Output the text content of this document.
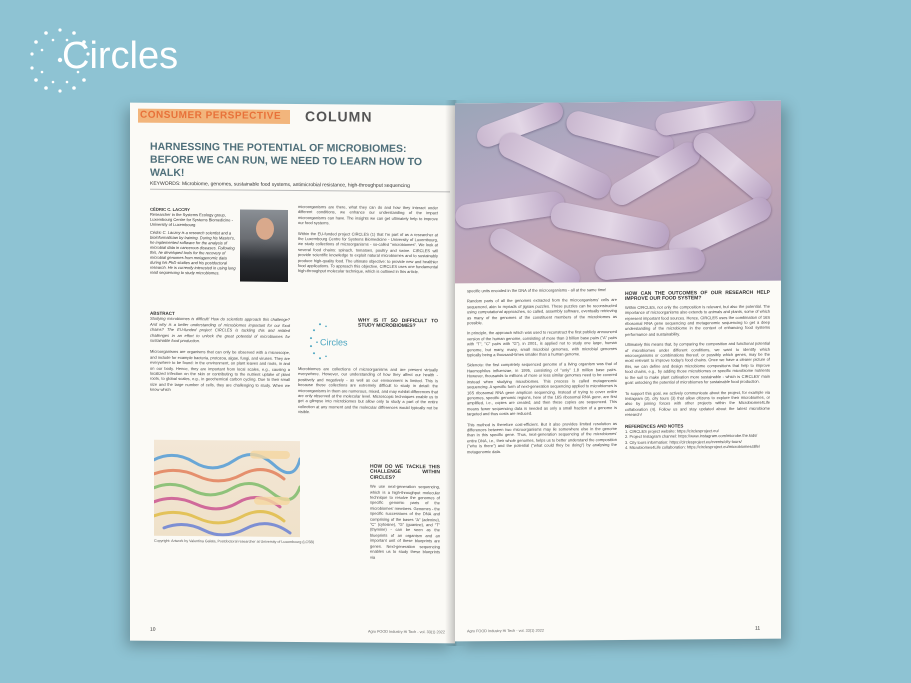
Circles
CONSUMER PERSPECTIVE COLUMN
HARNESSING THE POTENTIAL OF MICROBIOMES:
BEFORE WE CAN RUN, WE NEED TO LEARN HOW TO WALK!
KEYWORDS: Microbiome, genomes, sustainable food systems, antimicrobial resistance, high-throughput sequencing
CÉDRIC C. LACCRY
Researcher in the Systems Ecology group, Luxembourg Centre for Systems Biomedicine - University of Luxembourg
Cédric C. Laczny is a research scientist and a bioinformatician by training. During his Master's, he implemented software for the analysis of microbial data in cancerous diseases. Following this, he developed tools for the recovery of microbial genomes from metagenomic data during his PhD studies and his postdoctoral research. He is currently interested in using long read sequencing to study microbiomes.
ABSTRACT
Studying microbiomes is difficult! How do scientists approach this challenge? And why is a better understanding of microbiomes important for our food chains? The EU-funded project CIRCLES is tackling this and related challenges in an effort to unlock the great potential of microbiomes for sustainable food production.
Microorganisms are organisms that can only be observed with a microscope, and include for example bacteria, protozoa, algae, fungi, and viruses. They are everywhere to be found: in the environment, on plant leaves and roots, in and on our body. Hence, they are important from local scales, e.g., causing a localized infection on the skin or contributing to the nutrient uptake of plant roots, to global scales, e.g., in geochemical carbon cycling. Due to their small size and the large number of cells, they are challenging to study. When we know which
microorganisms are there, what they can do and how they interact under different conditions, we enhance our understanding of the impact microorganisms can have. The insights we can get ultimately help to improve our food systems.
Within the EU-funded project CIRCLES (1) that I'm part of as a researcher at the Luxembourg Centre for Systems Biomedicine - University of Luxembourg, we study collections of microorganisms - so-called "microbiomes". We look at several food chains: spinach, tomatoes, poultry and swine. CIRCLES will provide scientific knowledge to exploit natural microbiomes and to sustainably produce high-quality food. The ultimate objective: to provide new and healthier food applications. To approach this objective, CIRCLES uses one fundamental high-throughput molecular technique, which is outlined in this article.
Circles
WHY IS IT SO DIFFICULT TO STUDY MICROBIOMES?
Microbiomes are collections of microorganisms and are present virtually everywhere. However, our understanding of how they affect our health - positively and negatively - as well as our environment is limited. This is because these collections are extremely difficult to study in detail: the microorganisms in them are numerous, mixed, and may exhibit differences that are only observed at the molecular level. Microscopic techniques enable us to get a glimpse into microbiomes but allow only to study a part of the entire collection at any moment and the molecular differences would typically not be visible.
HOW DO WE TACKLE THIS CHALLENGE WITHIN CIRCLES?
We use next-generation sequencing, which is a high-throughput molecular technique to resolve the genomes of specific genomic parts of the microbiomes' members. Genomes - the specific successions of the DNA and comprising of the bases "A" (adenine), "C" (cytosine), "G" (guanine), and "T" (thymine) - can be seen as the blueprints of an organism and an important unit of these blueprints are genes. Next-generation sequencing enables us to study these blueprints via
Copyright: Artwork by Valentina Galata, Postdoctoral researcher at University of Luxembourg (LCSB)
10	Agro FOOD Industry Hi Tech - vol. 33(1) 2022
specific units encoded in the DNA of the microorganisms - all at the same time!
Random parts of all the genomes extracted from the microorganisms' cells are sequenced, akin to myriads of jigsaw puzzles. These puzzles can be reconstructed using computational approaches, so called, assembly software, eventually retrieving as many of the genomes of the constituent members of the microbiomes as possible.
In principle, the approach which was used to reconstruct the first publicly announced version of the human genome, consisting of more than 3 billion base pairs ("A" pairs with "T", "C" pairs with "G"), in 2001, is applied not to study one large, human genome, but many, many, small microbial genomes, with microbial genomes typically being a thousand-times smaller than a human genome.
Sidenote: the first completely sequenced genome of a living organism was that of Haemophilus influenzae, in 1995, consisting of "only" 1.8 million base pairs. However, thousands to millions of more or less similar genomes need to be covered instead when studying microbiomes. This process is called metagenomic sequencing. A specific form of next-generation sequencing applied to microbiomes is 16S ribosomal RNA gene amplicon sequencing. Instead of trying to cover entire genomes, specific genomic regions, here of the 16S ribosomal RNA gene, are first amplified, i.e., copies are created, and then these copies are sequenced. This means fewer sequencing data is needed as only a small fraction of a genome is targeted and thus costs are reduced.
This method is therefore cost-efficient. But it also provides limited resolution as differences between two microorganisms may lie somewhere else in the genome than in this specific gene. Thus, next-generation sequencing of the microbiomes' entire DNA, i.e., their whole genomes, helps us to better understand the composition ("who is there") and the potential ("what could they be doing") by analysing the metagenomic data.
HOW CAN THE OUTCOMES OF OUR RESEARCH HELP IMPROVE OUR FOOD SYSTEM?
Within CIRCLES, not only the composition is relevant, but also the potential. The importance of microorganisms also extends to animals and plants, some of which represent important food sources. Hence, CIRCLES uses the combination of 16S ribosomal RNA gene sequencing and metagenomic sequencing to get a deep understanding of the microbiome in the context of enhancing food systems performance and sustainability.
Ultimately this means that, by comparing the composition and functional potential of microbiomes under different conditions, we want to identify which microorganisms or combinations thereof, or possibly which genes, may be the most relevant to improve today's food chains. Once we have a clearer picture of this, we can define and design microbiome compositions that help to improve food chains, e.g., by adding those microbiomes or specific microbiome nutrients to the soil to make plant cultivation more sustainable - which is CIRCLES' main goal: unlocking the potential of microbiomes for sustainable food production.
To support this goal, we actively communicate about the project, for example via Instagram (2), city tours (3) that allow citizens to explore their microbiomes, or also by joining forces with other projects within the Microbiomes4Life collaboration (4). Follow us and stay updated about the latest microbiome research!
REFERENCES AND NOTES
1. CIRCLES project website: https://circlesproject.eu/
2. Project Instagram channel: https://www.instagram.com/microbe.the.kids/
3. City tours information: https://circlesproject.eu/events/city-tours/
4. Microbiomes4Life collaboration: https://circlesproject.eu/microbiomes4life/
Agro FOOD Industry Hi Tech - vol. 33(1) 2022	11
